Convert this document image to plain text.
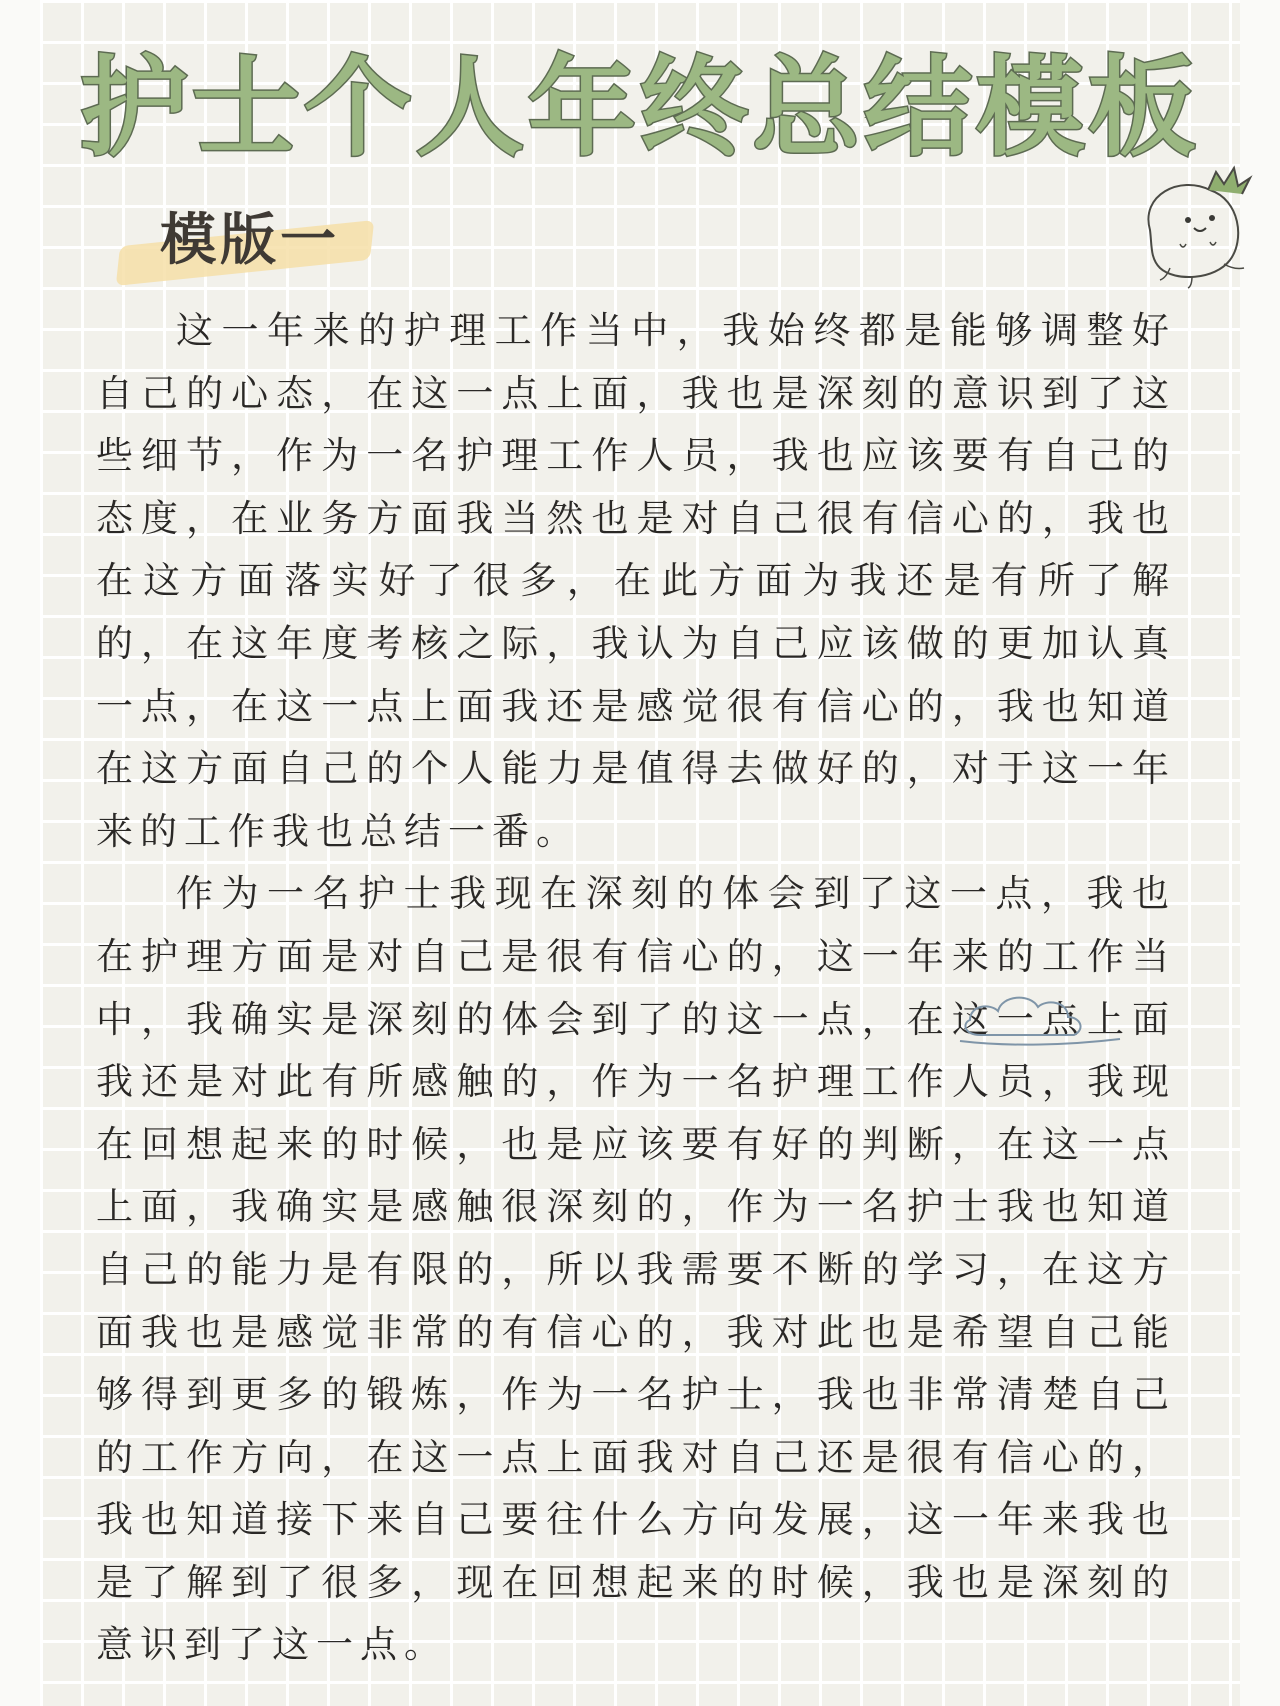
护士个人年终总结模板
模版一

这一年来的护理工作当中，我始终都是能够调整好自己的心态，在这一点上面，我也是深刻的意识到了这些细节，作为一名护理工作人员，我也应该要有自己的态度，在业务方面我当然也是对自己很有信心的，我也在这方面落实好了很多，在此方面为我还是有所了解的，在这年度考核之际，我认为自己应该做的更加认真一点，在这一点上面我还是感觉很有信心的，我也知道在这方面自己的个人能力是值得去做好的，对于这一年来的工作我也总结一番。

作为一名护士我现在深刻的体会到了这一点，我也在护理方面是对自己是很有信心的，这一年来的工作当中，我确实是深刻的体会到了的这一点，在这一点上面我还是对此有所感触的，作为一名护理工作人员，我现在回想起来的时候，也是应该要有好的判断，在这一点上面，我确实是感触很深刻的，作为一名护士我也知道自己的能力是有限的，所以我需要不断的学习，在这方面我也是感觉非常的有信心的，我对此也是希望自己能够得到更多的锻炼，作为一名护士，我也非常清楚自己的工作方向，在这一点上面我对自己还是很有信心的，我也知道接下来自己要往什么方向发展，这一年来我也是了解到了很多，现在回想起来的时候，我也是深刻的意识到了这一点。
